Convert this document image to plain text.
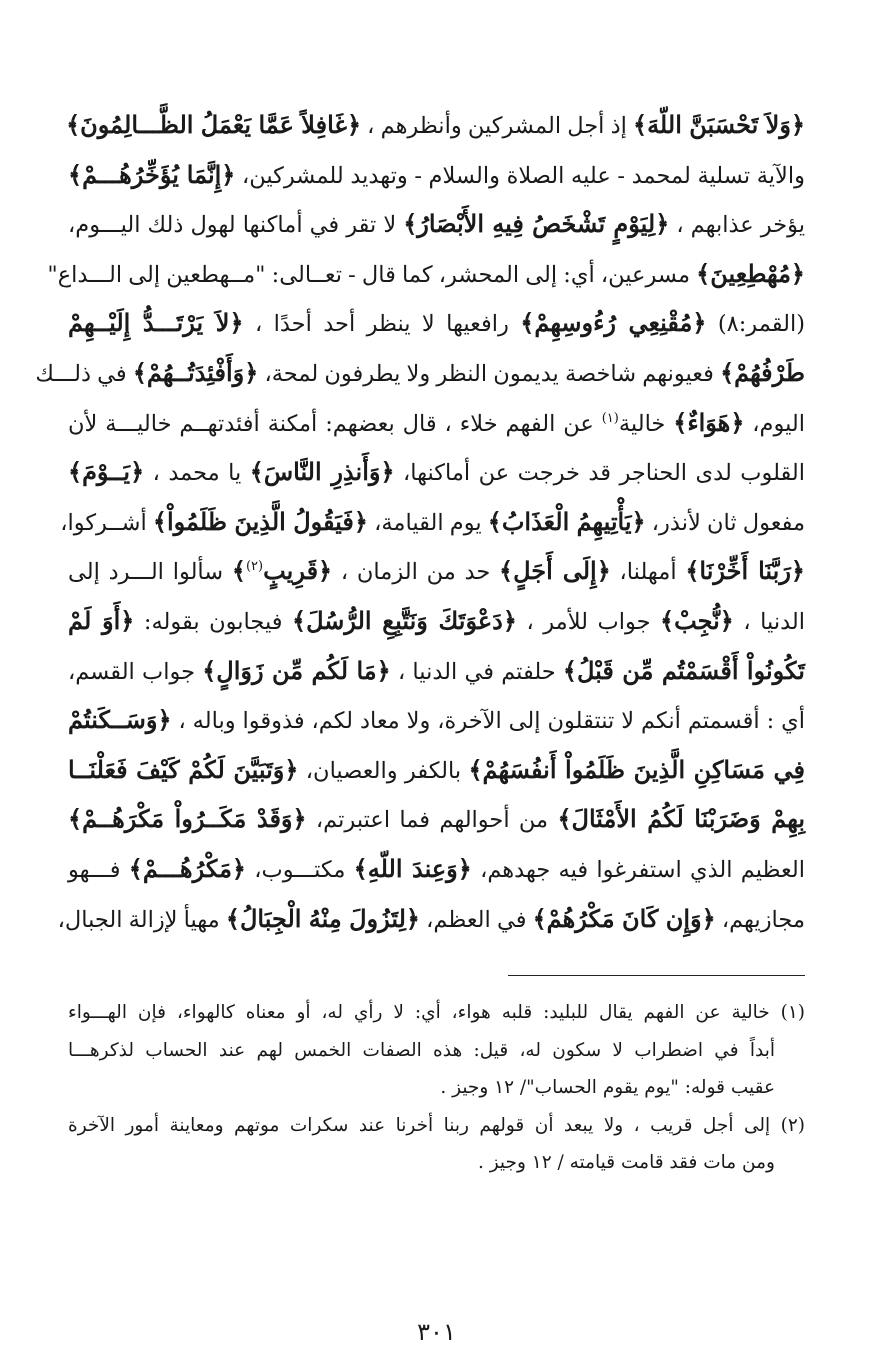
﴿وَلاَ تَحْسَبَنَّ اللّهَ﴾ إذ أجل المشركين وأنظرهم ، ﴿غَافِلاً عَمَّا يَعْمَلُ الظَّـــالِمُونَ﴾
والآية تسلية لمحمد - عليه الصلاة والسلام - وتهديد للمشركين، ﴿إِنَّمَا يُؤَخِّرُهُـــمْ﴾
يؤخر عذابهم ، ﴿لِيَوْمٍ تَشْخَصُ فِيهِ الأَبْصَارُ﴾ لا تقر في أماكنها لهول ذلك اليـــوم،
﴿مُهْطِعِينَ﴾ مسرعين، أي: إلى المحشر، كما قال - تعــالى: "مــهطعين إلى الـــداع"
(القمر:٨) ﴿مُقْنِعِي رُءُوسِهِمْ﴾ رافعيها لا ينظر أحد أحدًا ، ﴿لاَ يَرْتَـــدُّ إِلَيْــهِمْ
طَرْفُهُمْ﴾ فعيونهم شاخصة يديمون النظر ولا يطرفون لمحة، ﴿وَأَفْئِدَتُــهُمْ﴾ في ذلـــك
اليوم، ﴿هَوَاءٌ﴾ خالية$^{(١)}$ عن الفهم خلاء ، قال بعضهم: أمكنة أفئدتهــم خاليـــة لأن
القلوب لدى الحناجر قد خرجت عن أماكنها، ﴿وَأَنذِرِ النَّاسَ﴾ يا محمد ، ﴿يَــوْمَ﴾
مفعول ثان لأنذر، ﴿يَأْتِيهِمُ الْعَذَابُ﴾ يوم القيامة، ﴿فَيَقُولُ الَّذِينَ ظَلَمُواْ﴾ أشــركوا،
﴿رَبَّنَا أَخِّرْنَا﴾ أمهلنا، ﴿إِلَى أَجَلٍ﴾ حد من الزمان ، ﴿قَرِيبٍ$^{(٢)}$﴾ سألوا الـــرد إلى
الدنيا ، ﴿نُّجِبْ﴾ جواب للأمر ، ﴿دَعْوَتَكَ وَنَتَّبِعِ الرُّسُلَ﴾ فيجابون بقوله: ﴿أَوَ لَمْ
تَكُونُواْ أَقْسَمْتُم مِّن قَبْلُ﴾ حلفتم في الدنيا ، ﴿مَا لَكُم مِّن زَوَالٍ﴾ جواب القسم،
أي : أقسمتم أنكم لا تنتقلون إلى الآخرة، ولا معاد لكم، فذوقوا وباله ، ﴿وَسَــكَنتُمْ
فِي مَسَاكِنِ الَّذِينَ ظَلَمُواْ أَنفُسَهُمْ﴾ بالكفر والعصيان، ﴿وَتَبَيَّنَ لَكُمْ كَيْفَ فَعَلْنَــا
بِهِمْ وَضَرَبْنَا لَكُمُ الأَمْثَالَ﴾ من أحوالهم فما اعتبرتم، ﴿وَقَدْ مَكَــرُواْ مَكْرَهُــمْ﴾
العظيم الذي استفرغوا فيه جهدهم، ﴿وَعِندَ اللّهِ﴾ مكتـــوب، ﴿مَكْرُهُـــمْ﴾ فـــهو
مجازيهم، ﴿وَإِن كَانَ مَكْرُهُمْ﴾ في العظم، ﴿لِتَزُولَ مِنْهُ الْجِبَالُ﴾ مهيأ لإزالة الجبال،
(١) خالية عن الفهم يقال للبليد: قلبه هواء، أي: لا رأي له، أو معناه كالهواء، فإن الهـــواء
أبداً في اضطراب لا سكون له، قيل: هذه الصفات الخمس لهم عند الحساب لذكرهـــا
عقيب قوله: "يوم يقوم الحساب"/ ١٢ وجيز .
(٢) إلى أجل قريب ، ولا يبعد أن قولهم ربنا أخرنا عند سكرات موتهم ومعاينة أمور الآخرة
ومن مات فقد قامت قيامته / ١٢ وجيز .
٣٠١
